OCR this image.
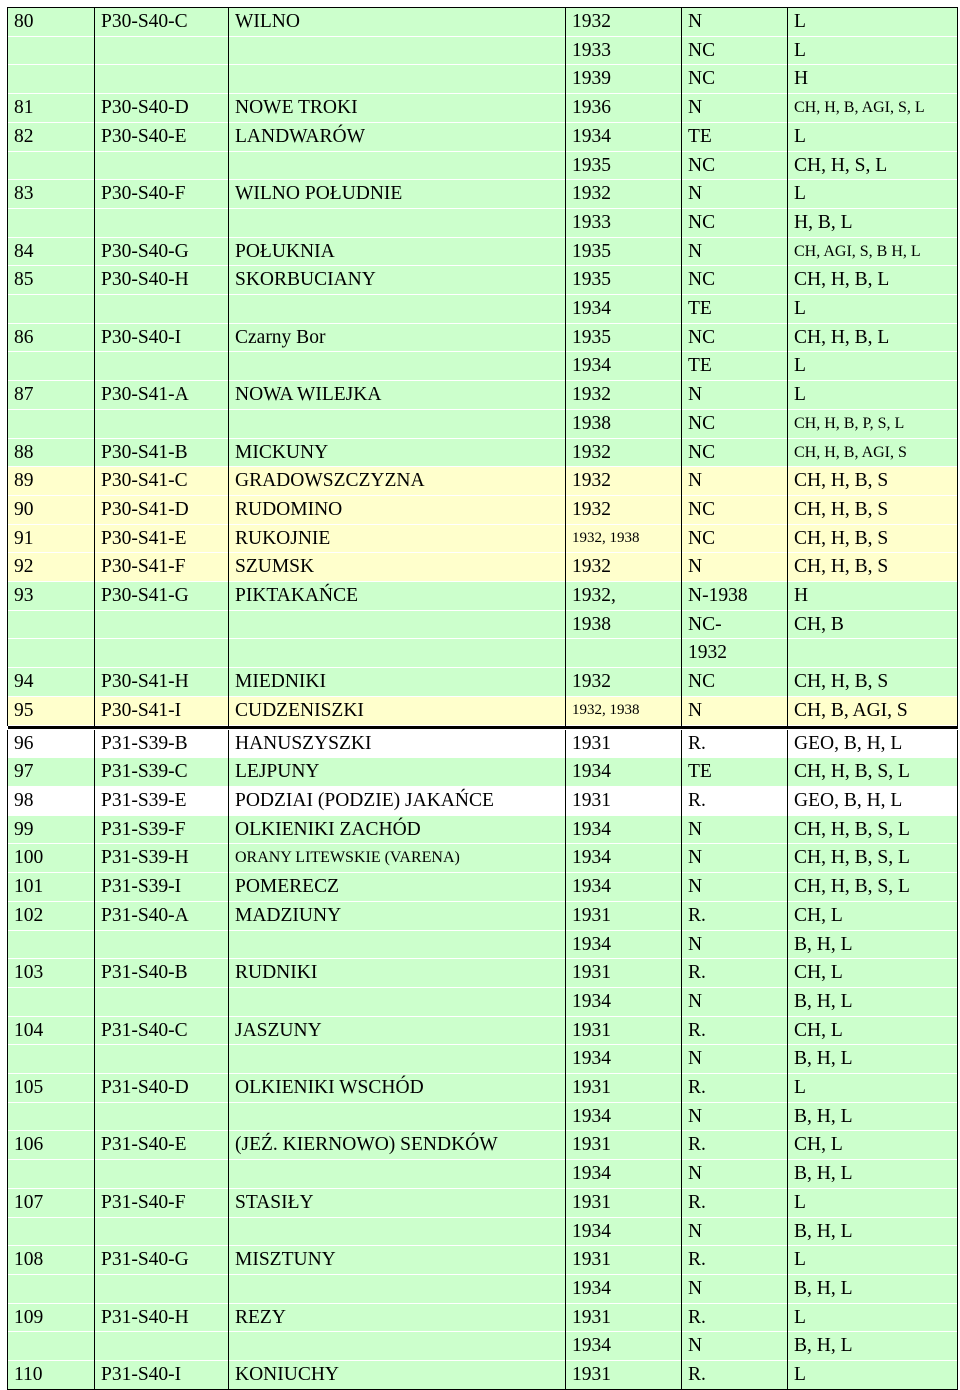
80	P30-S40-C	WILNO	1932	N	L
			1933	NC	L
			1939	NC	H
81	P30-S40-D	NOWE TROKI	1936	N	CH, H, B, AGI, S, L
82	P30-S40-E	LANDWARÓW	1934	TE	L
			1935	NC	CH, H, S, L
83	P30-S40-F	WILNO POŁUDNIE	1932	N	L
			1933	NC	H, B, L
84	P30-S40-G	POŁUKNIA	1935	N	CH, AGI, S, B H, L
85	P30-S40-H	SKORBUCIANY	1935	NC	CH, H, B, L
			1934	TE	L
86	P30-S40-I	Czarny Bor	1935	NC	CH, H, B, L
			1934	TE	L
87	P30-S41-A	NOWA WILEJKA	1932	N	L
			1938	NC	CH, H, B, P, S, L
88	P30-S41-B	MICKUNY	1932	NC	CH, H, B, AGI, S
89	P30-S41-C	GRADOWSZCZYZNA	1932	N	CH, H, B, S
90	P30-S41-D	RUDOMINO	1932	NC	CH, H, B, S
91	P30-S41-E	RUKOJNIE	1932, 1938	NC	CH, H, B, S
92	P30-S41-F	SZUMSK	1932	N	CH, H, B, S
93	P30-S41-G	PIKTAKAŃCE	1932,	N-1938	H
			1938	NC-	CH, B
				1932	
94	P30-S41-H	MIEDNIKI	1932	NC	CH, H, B, S
95	P30-S41-I	CUDZENISZKI	1932, 1938	N	CH, B, AGI, S

96	P31-S39-B	HANUSZYSZKI	1931	R.	GEO, B, H, L
97	P31-S39-C	LEJPUNY	1934	TE	CH, H, B, S, L
98	P31-S39-E	PODZIAI (PODZIE) JAKAŃCE	1931	R.	GEO, B, H, L
99	P31-S39-F	OLKIENIKI ZACHÓD	1934	N	CH, H, B, S, L
100	P31-S39-H	ORANY LITEWSKIE (VARENA)	1934	N	CH, H, B, S, L
101	P31-S39-I	POMERECZ	1934	N	CH, H, B, S, L
102	P31-S40-A	MADZIUNY	1931	R.	CH, L
			1934	N	B, H, L
103	P31-S40-B	RUDNIKI	1931	R.	CH, L
			1934	N	B, H, L
104	P31-S40-C	JASZUNY	1931	R.	CH, L
			1934	N	B, H, L
105	P31-S40-D	OLKIENIKI WSCHÓD	1931	R.	L
			1934	N	B, H, L
106	P31-S40-E	(JEŹ. KIERNOWO) SENDKÓW	1931	R.	CH, L
			1934	N	B, H, L
107	P31-S40-F	STASIŁY	1931	R.	L
			1934	N	B, H, L
108	P31-S40-G	MISZTUNY	1931	R.	L
			1934	N	B, H, L
109	P31-S40-H	REZY	1931	R.	L
			1934	N	B, H, L
110	P31-S40-I	KONIUCHY	1931	R.	L
